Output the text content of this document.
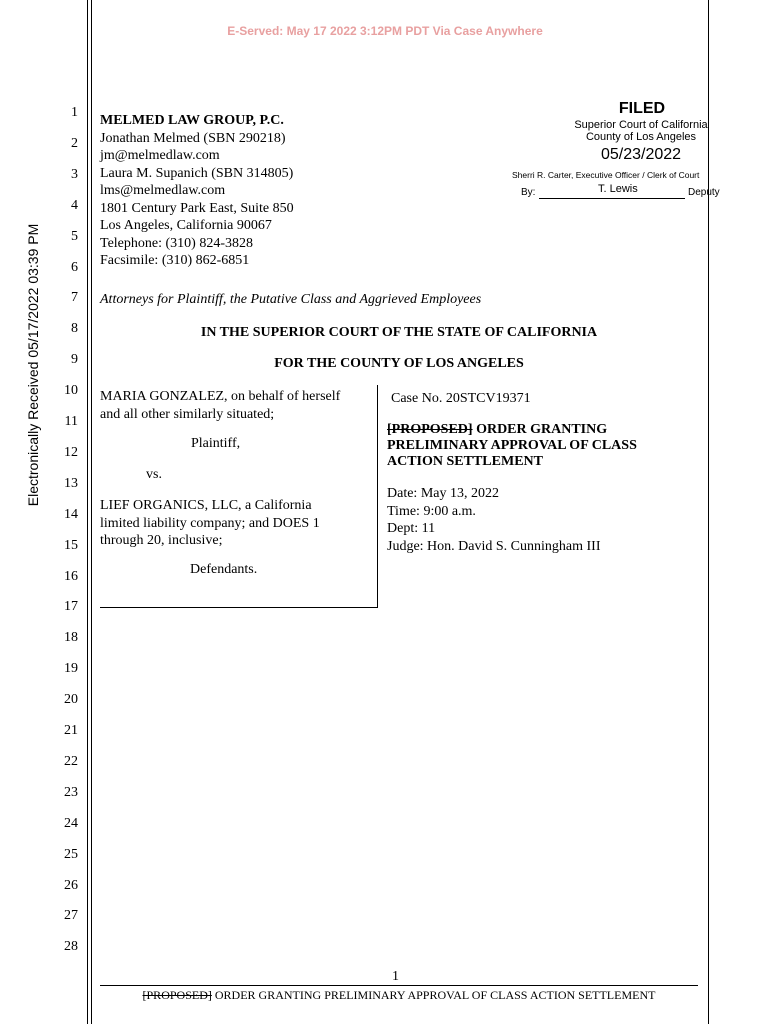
E-Served: May 17 2022 3:12PM PDT Via Case Anywhere
Electronically Received 05/17/2022 03:39 PM
1
2
3
4
5
6
7
8
9
10
11
12
13
14
15
16
17
18
19
20
21
22
23
24
25
26
27
28
MELMED LAW GROUP, P.C.
Jonathan Melmed (SBN 290218)
jm@melmedlaw.com
Laura M. Supanich (SBN 314805)
lms@melmedlaw.com
1801 Century Park East, Suite 850
Los Angeles, California 90067
Telephone: (310) 824-3828
Facsimile: (310) 862-6851
Attorneys for Plaintiff, the Putative Class and Aggrieved Employees
FILED
Superior Court of California
County of Los Angeles
05/23/2022
Sherri R. Carter, Executive Officer / Clerk of Court
By:	T. Lewis	Deputy
IN THE SUPERIOR COURT OF THE STATE OF CALIFORNIA
FOR THE COUNTY OF LOS ANGELES
MARIA GONZALEZ, on behalf of herself
and all other similarly situated;
Plaintiff,
vs.
LIEF ORGANICS, LLC, a California
limited liability company; and DOES 1
through 20, inclusive;
Defendants.
Case No. 20STCV19371
[PROPOSED] ORDER GRANTING
PRELIMINARY APPROVAL OF CLASS
ACTION SETTLEMENT
Date: May 13, 2022
Time: 9:00 a.m.
Dept: 11
Judge: Hon. David S. Cunningham III
1
[PROPOSED] ORDER GRANTING PRELIMINARY APPROVAL OF CLASS ACTION SETTLEMENT
